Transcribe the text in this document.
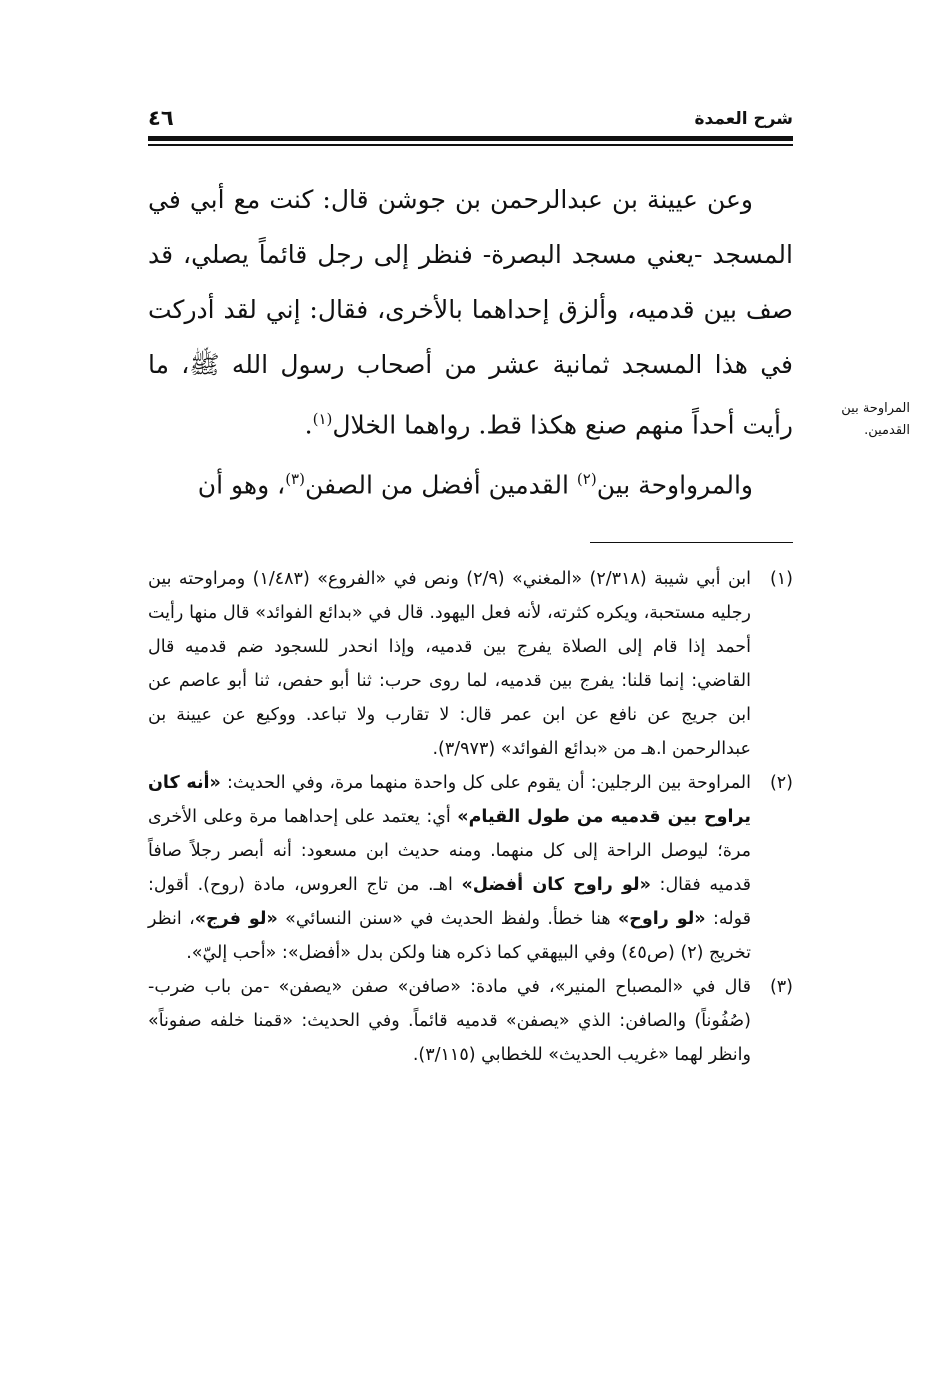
شرح العمدة
٤٦

وعن عيينة بن عبدالرحمن بن جوشن قال: كنت مع أبي في المسجد -يعني مسجد البصرة- فنظر إلى رجل قائماً يصلي، قد صف بين قدميه، وألزق إحداهما بالأخرى، فقال: إني لقد أدركت في هذا المسجد ثمانية عشر من أصحاب رسول الله ﷺ، ما رأيت أحداً منهم صنع هكذا قط. رواهما الخلال$^{(١)}$.

والمرواوحة بين$^{(٢)}$ القدمين أفضل من الصفن$^{(٣)}$، وهو أن

المراوحة بين القدمين.
(١)
ابن أبي شيبة (٢/٣١٨) «المغني» (٢/٩) ونص في «الفروع» (١/٤٨٣) ومراوحته بين رجليه مستحبة، ويكره كثرته، لأنه فعل اليهود. قال في «بدائع الفوائد» قال منها رأيت أحمد إذا قام إلى الصلاة يفرج بين قدميه، وإذا انحدر للسجود ضم قدميه قال القاضي: إنما قلنا: يفرج بين قدميه، لما روى حرب: ثنا أبو حفص، ثنا أبو عاصم عن ابن جريج عن نافع عن ابن عمر قال: لا تقارب ولا تباعد. ووكيع عن عيينة بن عبدالرحمن ا.هـ من «بدائع الفوائد» (٣/٩٧٣).
(٢)
المراوحة بين الرجلين: أن يقوم على كل واحدة منهما مرة، وفي الحديث: «أنه كان يراوح بين قدميه من طول القيام» أي: يعتمد على إحداهما مرة وعلى الأخرى مرة؛ ليوصل الراحة إلى كل منهما. ومنه حديث ابن مسعود: أنه أبصر رجلاً صافاً قدميه فقال: «لو راوح كان أفضل» اهـ. من تاج العروس، مادة (روح). أقول: قوله: «لو راوح» هنا خطأ. ولفظ الحديث في «سنن النسائي» «لو فرج»، انظر تخريج (٢) (ص٤٥) وفي البيهقي كما ذكره هنا ولكن بدل «أفضل»: «أحب إليّ».
(٣)
قال في «المصباح المنير»، في مادة: «صافن» صفن «يصفن» -من باب ضرب- (صُفُوناً) والصافن: الذي «يصفن» قدميه قائماً. وفي الحديث: «قمنا خلفه صفوناً» وانظر لهما «غريب الحديث» للخطابي (٣/١١٥).
